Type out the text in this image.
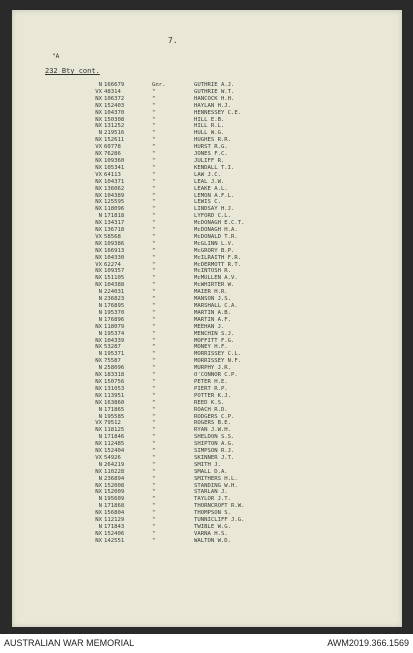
7.
"A
232 Bty cont.
N 166679	Gnr.	GUTHRIE A.J.
VX 48314	"	GUTHRIE W.T.
NX 106372	"	HANCOCK H.H.
NX 152403	"	HAYLAN H.J.
NX 104370	"	HENNESSEY C.E.
NX 150308	"	HILL E.B.
NX 131252	"	HILL R.L.
N 219516	"	HULL W.G.
NX 152611	"	HUGHES R.R.
VX 60778	"	HURST R.G.
NX 76286	"	JONES F.C.
NX 109360	"	JULIFF R.
NX 105341	"	KENDALL T.I.
VX 64113	"	LAW J.C.
NX 104371	"	LEAL J.W.
NX 136062	"	LEAKE A.L.
NX 104389	"	LEMON A.F.L.
NX 125595	"	LEWIS C.
NX 118096	"	LINDSAY H.J.
N 171818	"	LYFORD C.L.
NX 134317	"	McDONAGH E.C.T.
NX 136718	"	McDONAGH H.A.
VX 58568	"	McDONALD T.R.
NX 109386	"	McGLINN L.V.
NX 166913	"	McGRORY B.P.
NX 104330	"	McILRAITH F.R.
VX 62274	"	McDERMOTT R.T.
NX 109357	"	McINTOSH R.
NX 151105	"	McMULLEN A.V.
NX 104388	"	McWHIRTER W.
N 224031	"	MAIER H.R.
N 236823	"	MANSON J.S.
N 176895	"	MARSHALL C.A.
N 195370	"	MARTIN A.B.
N 176896	"	MARTIN A.F.
NX 118079	"	MEEHAN J.
N 195374	"	MENCHIN S.J.
NX 104339	"	MOFFITT F.G.
NX 53287	"	MONEY H.F.
N 195371	"	MORRISSEY C.L.
NX 75587	"	MORRISSEY N.F.
N 258096	"	MURPHY J.R.
NX 183318	"	O'CONNOR C.P.
NX 150756	"	PETER H.E.
NX 131053	"	PIERT R.P.
NX 113951	"	POTTER K.J.
NX 163860	"	REED K.S.
N 171865	"	ROACH R.D.
N 195585	"	RODGERS C.P.
VX 79512	"	ROGERS B.E.
NX 118125	"	RYAN J.W.H.
N 171846	"	SHELDON S.S.
NX 112485	"	SHIPTON A.G.
NX 152404	"	SIMPSON R.J.
VX 54926	"	SKINNER J.T.
N 264219	"	SMITH J.
NX 110228	"	SMALL D.A.
N 236894	"	SMITHERS H.L.
NX 152008	"	STANDING W.H.
NX 152009	"	STARLAN J.
N 195609	"	TAYLOR J.T.
N 171868	"	THORNCROFT R.W.
NX 156804	"	THOMPSON S.
NX 112129	"	TUNNICLIFF J.G.
N 171843	"	TWIBLE W.G.
NX 152406	"	VARNA H.S.
NX 142551	"	WALTON W.D.
AUSTRALIAN WAR MEMORIAL	AWM2019.366.1569
